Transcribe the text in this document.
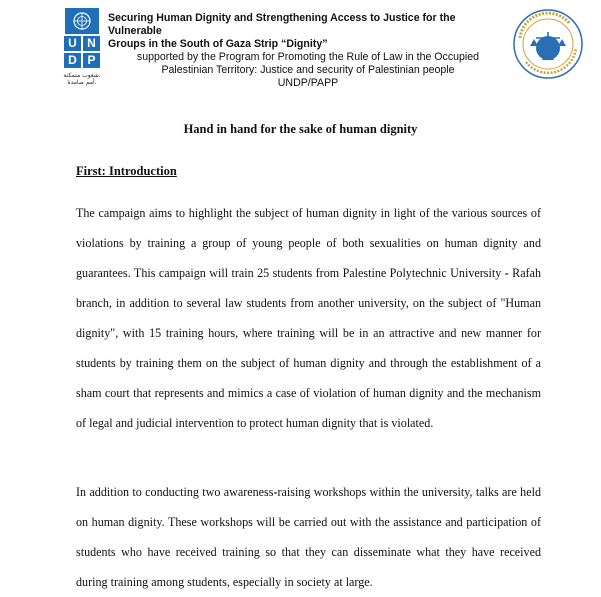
U N
D P
شعوب متمكنة.
أمم صامدة.
Securing Human Dignity and Strengthening Access to Justice for the Vulnerable
Groups in the South of Gaza Strip “Dignity”
supported by the Program for Promoting the Rule of Law in the Occupied
Palestinian Territory: Justice and security of Palestinian people
UNDP/PAPP
Hand in hand for the sake of human dignity
First: Introduction

The campaign aims to highlight the subject of human dignity in light of the various sources of violations by training a group of young people of both sexualities on human dignity and guarantees. This campaign will train 25 students from Palestine Polytechnic University - Rafah branch, in addition to several law students from another university, on the subject of "Human dignity", with 15 training hours, where training will be in an attractive and new manner for students by training them on the subject of human dignity and through the establishment of a sham court that represents and mimics a case of violation of human dignity and the mechanism of legal and judicial intervention to protect human dignity that is violated.

In addition to conducting two awareness-raising workshops within the university, talks are held on human dignity. These workshops will be carried out with the assistance and participation of students who have received training so that they can disseminate what they have received during training among students, especially in society at large.
